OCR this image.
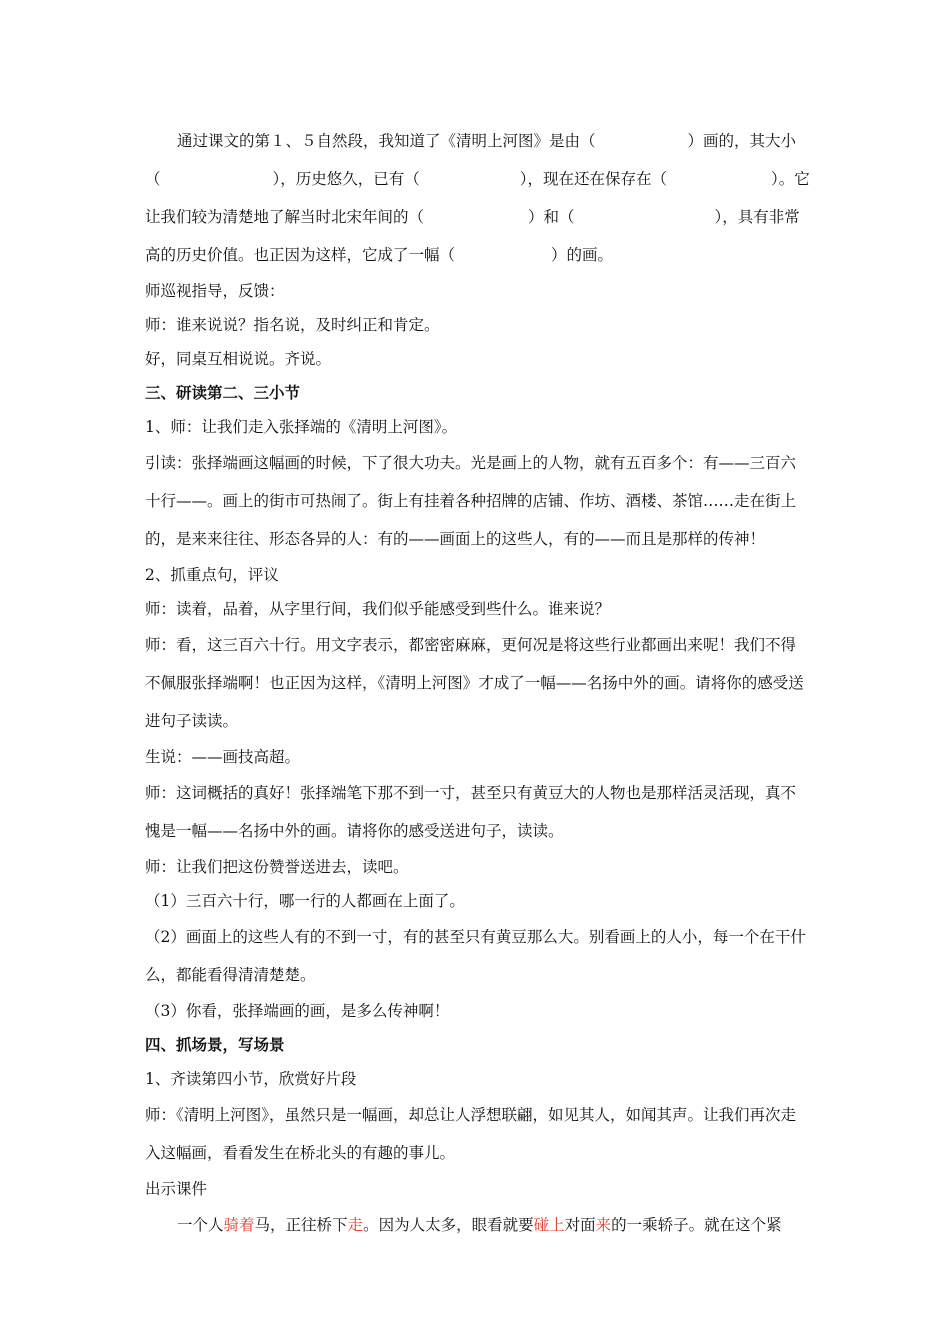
通过课文的第１、５自然段，我知道了《清明上河图》是由（	）画的，其大小（	），历史悠久，已有（	），现在还在保存在（	）。它让我们较为清楚地了解当时北宋年间的（	）和（	），具有非常高的历史价值。也正因为这样，它成了一幅（	）的画。

师巡视指导，反馈：

师：谁来说说？指名说，及时纠正和肯定。

好，同桌互相说说。齐说。

三、研读第二、三小节

1、师：让我们走入张择端的《清明上河图》。

引读：张择端画这幅画的时候，下了很大功夫。光是画上的人物，就有五百多个：有——三百六十行——。画上的街市可热闹了。街上有挂着各种招牌的店铺、作坊、酒楼、茶馆……走在街上的，是来来往往、形态各异的人：有的——画面上的这些人，有的——而且是那样的传神！

2、抓重点句，评议

师：读着，品着，从字里行间，我们似乎能感受到些什么。谁来说？

师：看，这三百六十行。用文字表示，都密密麻麻，更何况是将这些行业都画出来呢！我们不得不佩服张择端啊！也正因为这样，《清明上河图》才成了一幅——名扬中外的画。请将你的感受送进句子读读。

生说：——画技高超。

师：这词概括的真好！张择端笔下那不到一寸，甚至只有黄豆大的人物也是那样活灵活现，真不愧是一幅——名扬中外的画。请将你的感受送进句子，读读。

师：让我们把这份赞誉送进去，读吧。

（1）三百六十行，哪一行的人都画在上面了。

（2）画面上的这些人有的不到一寸，有的甚至只有黄豆那么大。别看画上的人小，每一个在干什么，都能看得清清楚楚。

（3）你看，张择端画的画，是多么传神啊！

四、抓场景，写场景

1、齐读第四小节，欣赏好片段

师：《清明上河图》，虽然只是一幅画，却总让人浮想联翩，如见其人，如闻其声。让我们再次走入这幅画，看看发生在桥北头的有趣的事儿。

出示课件

一个人骑着马，正往桥下走。因为人太多，眼看就要碰上对面来的一乘轿子。就在这个紧
